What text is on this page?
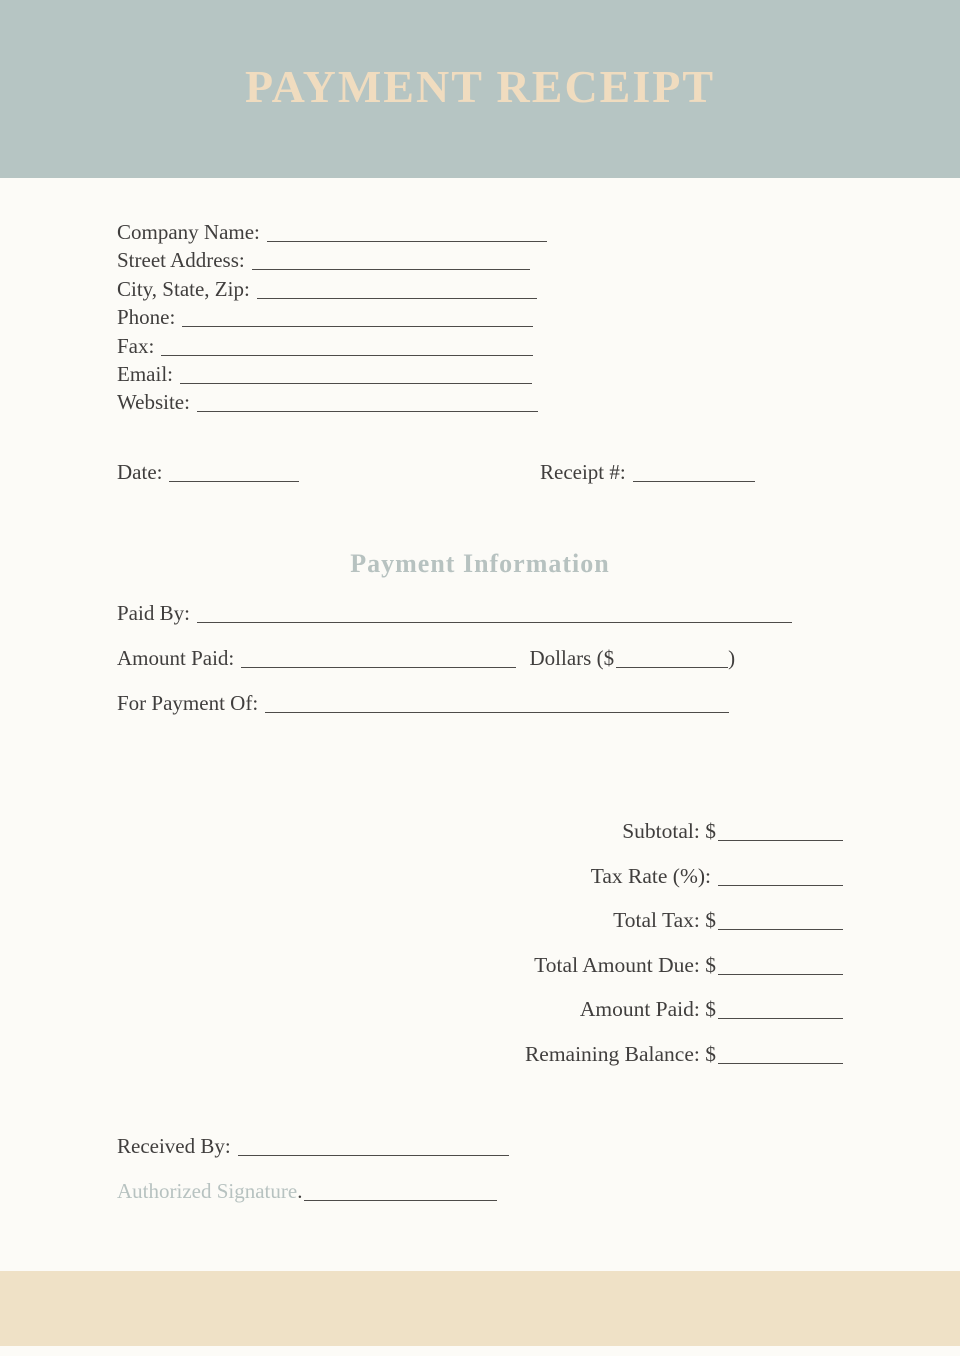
PAYMENT RECEIPT
Company Name:
Street Address:
City, State, Zip:
Phone:
Fax:
Email:
Website:
Date:	Receipt #:
Payment Information
Paid By:
Amount Paid:	Dollars ($	)
For Payment Of:
Subtotal: $
Tax Rate (%):
Total Tax: $
Total Amount Due: $
Amount Paid: $
Remaining Balance: $
Received By:
Authorized Signature.
